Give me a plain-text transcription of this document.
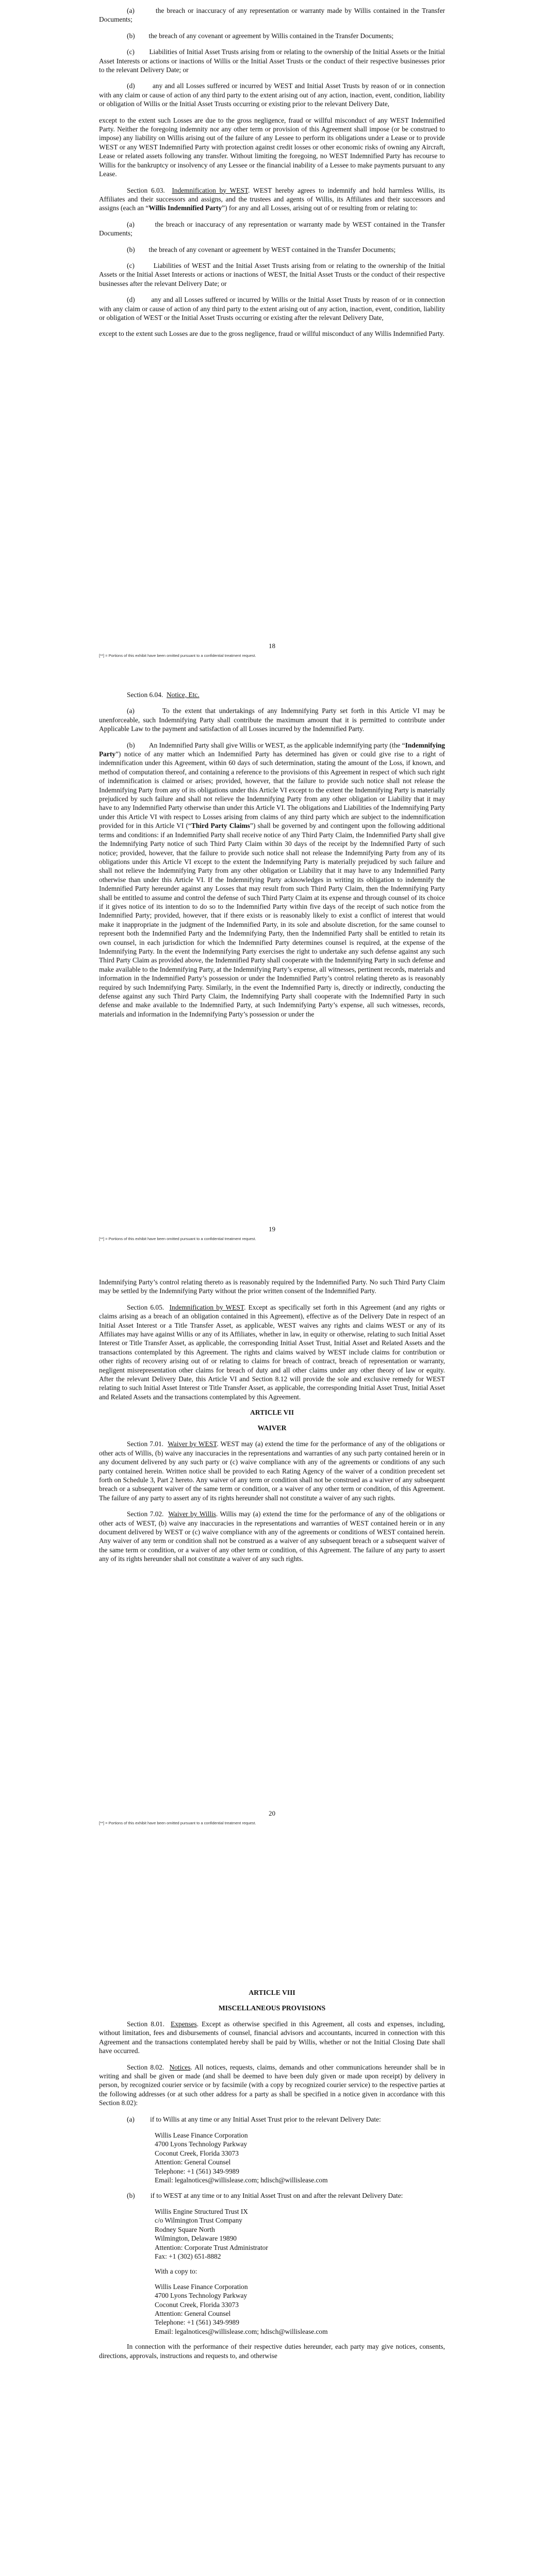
(a)        the breach or inaccuracy of any representation or warranty made by Willis contained in the Transfer Documents;

(b)        the breach of any covenant or agreement by Willis contained in the Transfer Documents;

(c)        Liabilities of Initial Asset Trusts arising from or relating to the ownership of the Initial Assets or the Initial Asset Interests or actions or inactions of Willis or the Initial Asset Trusts or the conduct of their respective businesses prior to the relevant Delivery Date; or

(d)        any and all Losses suffered or incurred by WEST and Initial Asset Trusts by reason of or in connection with any claim or cause of action of any third party to the extent arising out of any action, inaction, event, condition, liability or obligation of Willis or the Initial Asset Trusts occurring or existing prior to the relevant Delivery Date,

except to the extent such Losses are due to the gross negligence, fraud or willful misconduct of any WEST Indemnified Party. Neither the foregoing indemnity nor any other term or provision of this Agreement shall impose (or be construed to impose) any liability on Willis arising out of the failure of any Lessee to perform its obligations under a Lease or to provide WEST or any WEST Indemnified Party with protection against credit losses or other economic risks of owning any Aircraft, Lease or related assets following any transfer. Without limiting the foregoing, no WEST Indemnified Party has recourse to Willis for the bankruptcy or insolvency of any Lessee or the financial inability of a Lessee to make payments pursuant to any Lease.

Section 6.03. Indemnification by WEST. WEST hereby agrees to indemnify and hold harmless Willis, its Affiliates and their successors and assigns, and the trustees and agents of Willis, its Affiliates and their successors and assigns (each an “Willis Indemnified Party”) for any and all Losses, arising out of or resulting from or relating to:

(a)        the breach or inaccuracy of any representation or warranty made by WEST contained in the Transfer Documents;

(b)        the breach of any covenant or agreement by WEST contained in the Transfer Documents;

(c)        Liabilities of WEST and the Initial Asset Trusts arising from or relating to the ownership of the Initial Assets or the Initial Asset Interests or actions or inactions of WEST, the Initial Asset Trusts or the conduct of their respective businesses after the relevant Delivery Date; or

(d)        any and all Losses suffered or incurred by Willis or the Initial Asset Trusts by reason of or in connection with any claim or cause of action of any third party to the extent arising out of any action, inaction, event, condition, liability or obligation of WEST or the Initial Asset Trusts occurring or existing after the relevant Delivery Date,

except to the extent such Losses are due to the gross negligence, fraud or willful misconduct of any Willis Indemnified Party.

18
[**] = Portions of this exhibit have been omitted pursuant to a confidential treatment request.

Section 6.04. Notice, Etc.

(a)        To the extent that undertakings of any Indemnifying Party set forth in this Article VI may be unenforceable, such Indemnifying Party shall contribute the maximum amount that it is permitted to contribute under Applicable Law to the payment and satisfaction of all Losses incurred by the Indemnified Party.

(b)        An Indemnified Party shall give Willis or WEST, as the applicable indemnifying party (the “Indemnifying Party”) notice of any matter which an Indemnified Party has determined has given or could give rise to a right of indemnification under this Agreement, within 60 days of such determination, stating the amount of the Loss, if known, and method of computation thereof, and containing a reference to the provisions of this Agreement in respect of which such right of indemnification is claimed or arises; provided, however, that the failure to provide such notice shall not release the Indemnifying Party from any of its obligations under this Article VI except to the extent the Indemnifying Party is materially prejudiced by such failure and shall not relieve the Indemnifying Party from any other obligation or Liability that it may have to any Indemnified Party otherwise than under this Article VI. The obligations and Liabilities of the Indemnifying Party under this Article VI with respect to Losses arising from claims of any third party which are subject to the indemnification provided for in this Article VI (“Third Party Claims”) shall be governed by and contingent upon the following additional terms and conditions: if an Indemnified Party shall receive notice of any Third Party Claim, the Indemnified Party shall give the Indemnifying Party notice of such Third Party Claim within 30 days of the receipt by the Indemnified Party of such notice; provided, however, that the failure to provide such notice shall not release the Indemnifying Party from any of its obligations under this Article VI except to the extent the Indemnifying Party is materially prejudiced by such failure and shall not relieve the Indemnifying Party from any other obligation or Liability that it may have to any Indemnified Party otherwise than under this Article VI. If the Indemnifying Party acknowledges in writing its obligation to indemnify the Indemnified Party hereunder against any Losses that may result from such Third Party Claim, then the Indemnifying Party shall be entitled to assume and control the defense of such Third Party Claim at its expense and through counsel of its choice if it gives notice of its intention to do so to the Indemnified Party within five days of the receipt of such notice from the Indemnified Party; provided, however, that if there exists or is reasonably likely to exist a conflict of interest that would make it inappropriate in the judgment of the Indemnified Party, in its sole and absolute discretion, for the same counsel to represent both the Indemnified Party and the Indemnifying Party, then the Indemnified Party shall be entitled to retain its own counsel, in each jurisdiction for which the Indemnified Party determines counsel is required, at the expense of the Indemnifying Party. In the event the Indemnifying Party exercises the right to undertake any such defense against any such Third Party Claim as provided above, the Indemnified Party shall cooperate with the Indemnifying Party in such defense and make available to the Indemnifying Party, at the Indemnifying Party’s expense, all witnesses, pertinent records, materials and information in the Indemnified Party’s possession or under the Indemnified Party’s control relating thereto as is reasonably required by such Indemnifying Party. Similarly, in the event the Indemnified Party is, directly or indirectly, conducting the defense against any such Third Party Claim, the Indemnifying Party shall cooperate with the Indemnified Party in such defense and make available to the Indemnified Party, at such Indemnifying Party’s expense, all such witnesses, records, materials and information in the Indemnifying Party’s possession or under the

19
[**] = Portions of this exhibit have been omitted pursuant to a confidential treatment request.

Indemnifying Party’s control relating thereto as is reasonably required by the Indemnified Party. No such Third Party Claim may be settled by the Indemnifying Party without the prior written consent of the Indemnified Party.

Section 6.05. Indemnification by WEST. Except as specifically set forth in this Agreement (and any rights or claims arising as a breach of an obligation contained in this Agreement), effective as of the Delivery Date in respect of an Initial Asset Interest or a Title Transfer Asset, as applicable, WEST waives any rights and claims WEST or any of its Affiliates may have against Willis or any of its Affiliates, whether in law, in equity or otherwise, relating to such Initial Asset Interest or Title Transfer Asset, as applicable, the corresponding Initial Asset Trust, Initial Asset and Related Assets and the transactions contemplated by this Agreement. The rights and claims waived by WEST include claims for contribution or other rights of recovery arising out of or relating to claims for breach of contract, breach of representation or warranty, negligent misrepresentation other claims for breach of duty and all other claims under any other theory of law or equity. After the relevant Delivery Date, this Article VI and Section 8.12 will provide the sole and exclusive remedy for WEST relating to such Initial Asset Interest or Title Transfer Asset, as applicable, the corresponding Initial Asset Trust, Initial Asset and Related Assets and the transactions contemplated by this Agreement.

ARTICLE VII
WAIVER

Section 7.01. Waiver by WEST. WEST may (a) extend the time for the performance of any of the obligations or other acts of Willis, (b) waive any inaccuracies in the representations and warranties of any such party contained herein or in any document delivered by any such party or (c) waive compliance with any of the agreements or conditions of any such party contained herein. Written notice shall be provided to each Rating Agency of the waiver of a condition precedent set forth on Schedule 3, Part 2 hereto. Any waiver of any term or condition shall not be construed as a waiver of any subsequent breach or a subsequent waiver of the same term or condition, or a waiver of any other term or condition, of this Agreement. The failure of any party to assert any of its rights hereunder shall not constitute a waiver of any such rights.

Section 7.02. Waiver by Willis. Willis may (a) extend the time for the performance of any of the obligations or other acts of WEST, (b) waive any inaccuracies in the representations and warranties of WEST contained herein or in any document delivered by WEST or (c) waive compliance with any of the agreements or conditions of WEST contained herein. Any waiver of any term or condition shall not be construed as a waiver of any subsequent breach or a subsequent waiver of the same term or condition, or a waiver of any other term or condition, of this Agreement. The failure of any party to assert any of its rights hereunder shall not constitute a waiver of any such rights.

20
[**] = Portions of this exhibit have been omitted pursuant to a confidential treatment request.
ARTICLE VIII
MISCELLANEOUS PROVISIONS

Section 8.01. Expenses. Except as otherwise specified in this Agreement, all costs and expenses, including, without limitation, fees and disbursements of counsel, financial advisors and accountants, incurred in connection with this Agreement and the transactions contemplated hereby shall be paid by Willis, whether or not the Initial Closing Date shall have occurred.

Section 8.02. Notices. All notices, requests, claims, demands and other communications hereunder shall be in writing and shall be given or made (and shall be deemed to have been duly given or made upon receipt) by delivery in person, by recognized courier service or by facsimile (with a copy by recognized courier service) to the respective parties at the following addresses (or at such other address for a party as shall be specified in a notice given in accordance with this Section 8.02):

(a)         if to Willis at any time or any Initial Asset Trust prior to the relevant Delivery Date:

Willis Lease Finance Corporation
4700 Lyons Technology Parkway
Coconut Creek, Florida 33073
Attention: General Counsel
Telephone: +1 (561) 349-9989
Email: legalnotices@willislease.com; hdisch@willislease.com

(b)         if to WEST at any time or to any Initial Asset Trust on and after the relevant Delivery Date:

Willis Engine Structured Trust IX
c/o Wilmington Trust Company
Rodney Square North
Wilmington, Delaware 19890
Attention: Corporate Trust Administrator
Fax: +1 (302) 651-8882
With a copy to:
Willis Lease Finance Corporation
4700 Lyons Technology Parkway
Coconut Creek, Florida 33073
Attention: General Counsel
Telephone: +1 (561) 349-9989
Email: legalnotices@willislease.com; hdisch@willislease.com

In connection with the performance of their respective duties hereunder, each party may give notices, consents, directions, approvals, instructions and requests to, and otherwise
